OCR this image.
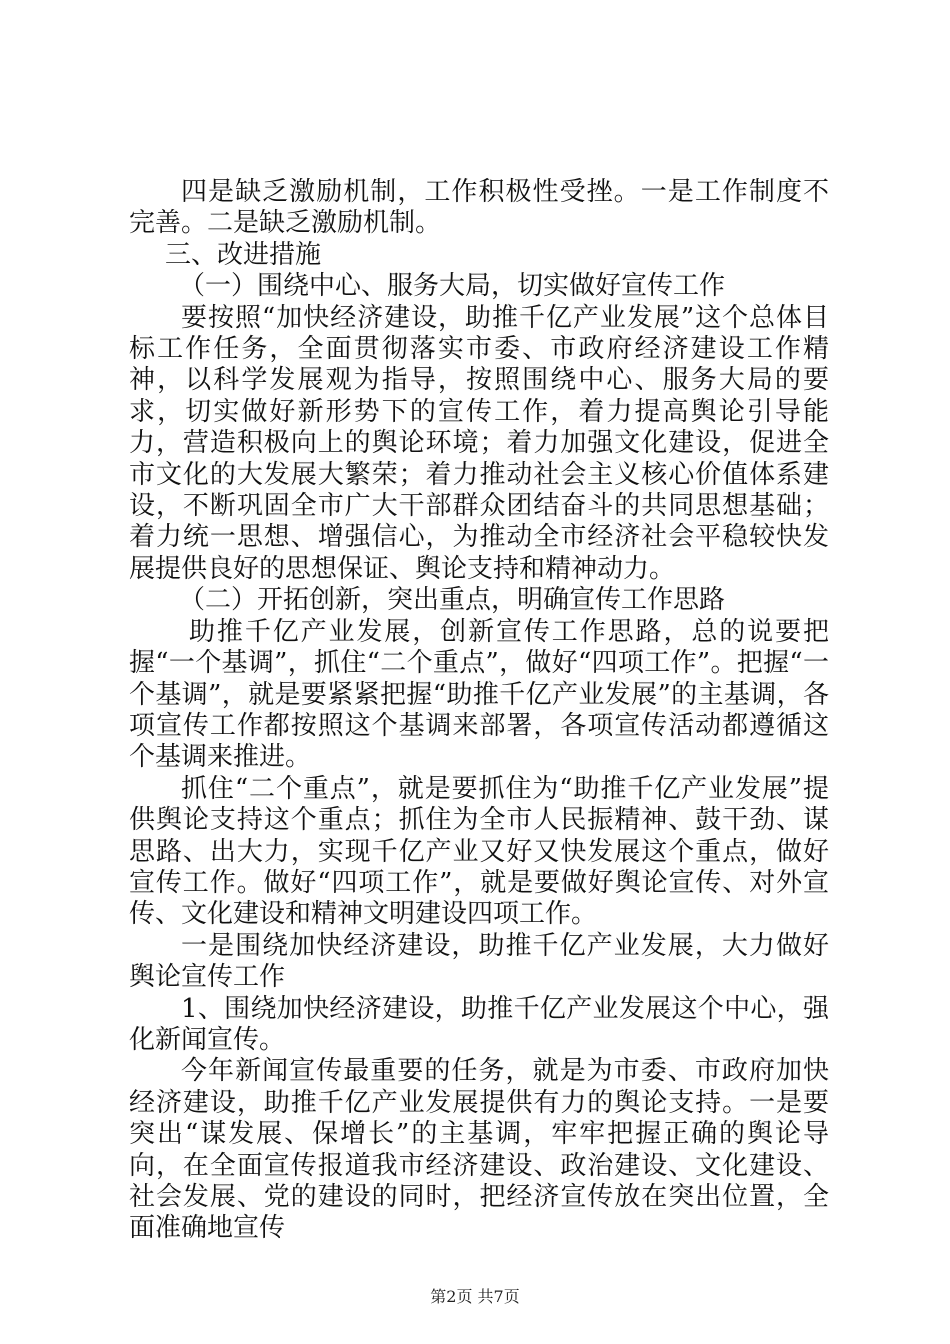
四是缺乏激励机制，工作积极性受挫。一是工作制度不完善。二是缺乏激励机制。

三、改进措施

（一）围绕中心、服务大局，切实做好宣传工作

要按照“加快经济建设，助推千亿产业发展”这个总体目标工作任务，全面贯彻落实市委、市政府经济建设工作精神，以科学发展观为指导，按照围绕中心、服务大局的要求，切实做好新形势下的宣传工作，着力提高舆论引导能力，营造积极向上的舆论环境；着力加强文化建设，促进全市文化的大发展大繁荣；着力推动社会主义核心价值体系建设，不断巩固全市广大干部群众团结奋斗的共同思想基础；着力统一思想、增强信心，为推动全市经济社会平稳较快发展提供良好的思想保证、舆论支持和精神动力。

（二）开拓创新，突出重点，明确宣传工作思路

助推千亿产业发展，创新宣传工作思路，总的说要把握“一个基调”，抓住“二个重点”，做好“四项工作”。把握“一个基调”，就是要紧紧把握“助推千亿产业发展”的主基调，各项宣传工作都按照这个基调来部署，各项宣传活动都遵循这个基调来推进。

抓住“二个重点”，就是要抓住为“助推千亿产业发展”提供舆论支持这个重点；抓住为全市人民振精神、鼓干劲、谋思路、出大力，实现千亿产业又好又快发展这个重点，做好宣传工作。做好“四项工作”，就是要做好舆论宣传、对外宣传、文化建设和精神文明建设四项工作。

一是围绕加快经济建设，助推千亿产业发展，大力做好舆论宣传工作

1、围绕加快经济建设，助推千亿产业发展这个中心，强化新闻宣传。

今年新闻宣传最重要的任务，就是为市委、市政府加快经济建设，助推千亿产业发展提供有力的舆论支持。一是要突出“谋发展、保增长”的主基调，牢牢把握正确的舆论导向，在全面宣传报道我市经济建设、政治建设、文化建设、社会发展、党的建设的同时，把经济宣传放在突出位置，全面准确地宣传

第2页 共7页
